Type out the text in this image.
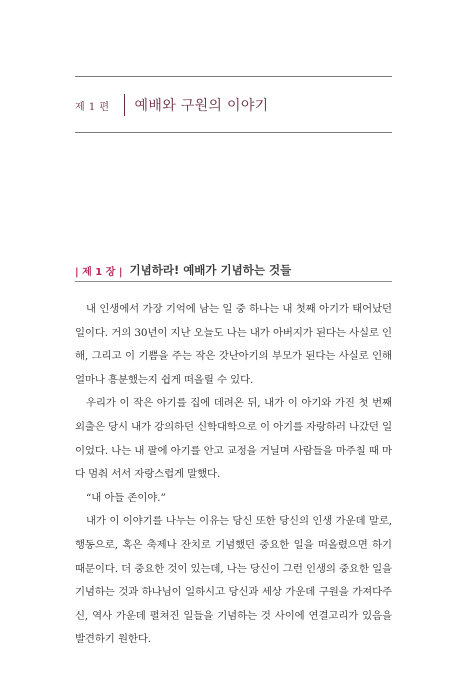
제 1 편 예배와 구원의 이야기
| 제 1 장 | 기념하라! 예배가 기념하는 것들

내 인생에서 가장 기억에 남는 일 중 하나는 내 첫째 아기가 태어났던 일이다. 거의 30년이 지난 오늘도 나는 내가 아버지가 된다는 사실로 인해, 그리고 이 기쁨을 주는 작은 갓난아기의 부모가 된다는 사실로 인해 얼마나 흥분했는지 쉽게 떠올릴 수 있다.

우리가 이 작은 아기를 집에 데려온 뒤, 내가 이 아기와 가진 첫 번째 외출은 당시 내가 강의하던 신학대학으로 이 아기를 자랑하러 나갔던 일이었다. 나는 내 팔에 아기를 안고 교정을 거닐며 사람들을 마주칠 때 마다 멈춰 서서 자랑스럽게 말했다.

“내 아들 존이야.”

내가 이 이야기를 나누는 이유는 당신 또한 당신의 인생 가운데 말로, 행동으로, 혹은 축제나 잔치로 기념했던 중요한 일을 떠올렸으면 하기 때문이다. 더 중요한 것이 있는데, 나는 당신이 그런 인생의 중요한 일을 기념하는 것과 하나님이 일하시고 당신과 세상 가운데 구원을 가져다주신, 역사 가운데 펼쳐진 일들을 기념하는 것 사이에 연결고리가 있음을 발견하기 원한다.
